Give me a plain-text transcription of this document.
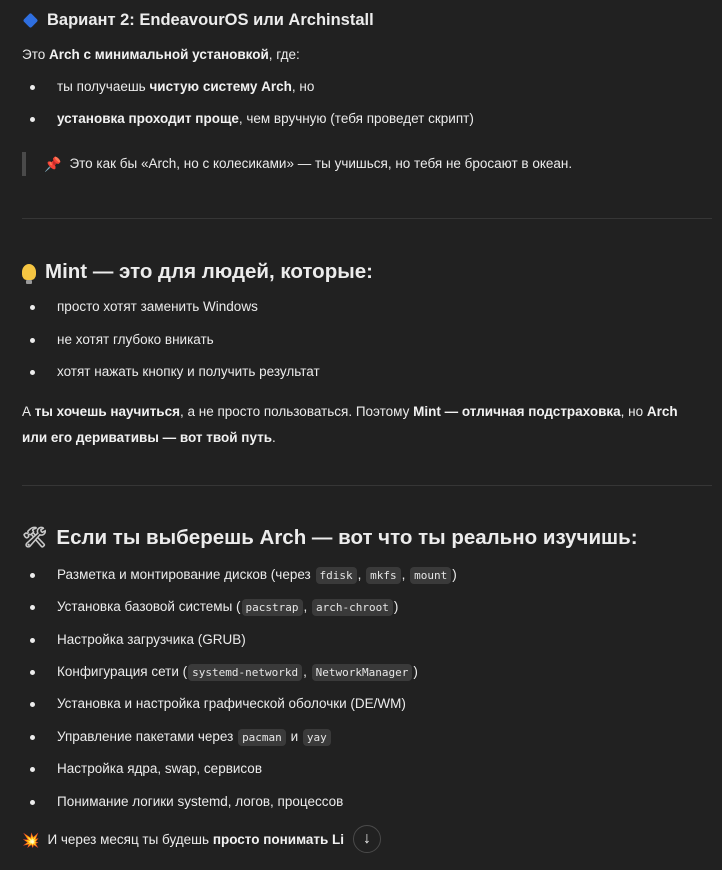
Вариант 2: EndeavourOS или Archinstall
Это Arch с минимальной установкой, где:
ты получаешь чистую систему Arch, но
установка проходит проще, чем вручную (тебя проведет скрипт)
📌 Это как бы «Arch, но с колесиками» — ты учишься, но тебя не бросают в океан.
Mint — это для людей, которые:
просто хотят заменить Windows
не хотят глубоко вникать
хотят нажать кнопку и получить результат
А ты хочешь научиться, а не просто пользоваться. Поэтому Mint — отличная подстраховка, но Arch или его деривативы — вот твой путь.
🛠 Если ты выберешь Arch — вот что ты реально изучишь:
Разметка и монтирование дисков (через fdisk , mkfs , mount )
Установка базовой системы ( pacstrap , arch-chroot )
Настройка загрузчика (GRUB)
Конфигурация сети ( systemd-networkd , NetworkManager )
Установка и настройка графической оболочки (DE/WM)
Управление пакетами через pacman и yay
Настройка ядра, swap, сервисов
Понимание логики systemd, логов, процессов
💥 И через месяц ты будешь просто понимать Li ↓
